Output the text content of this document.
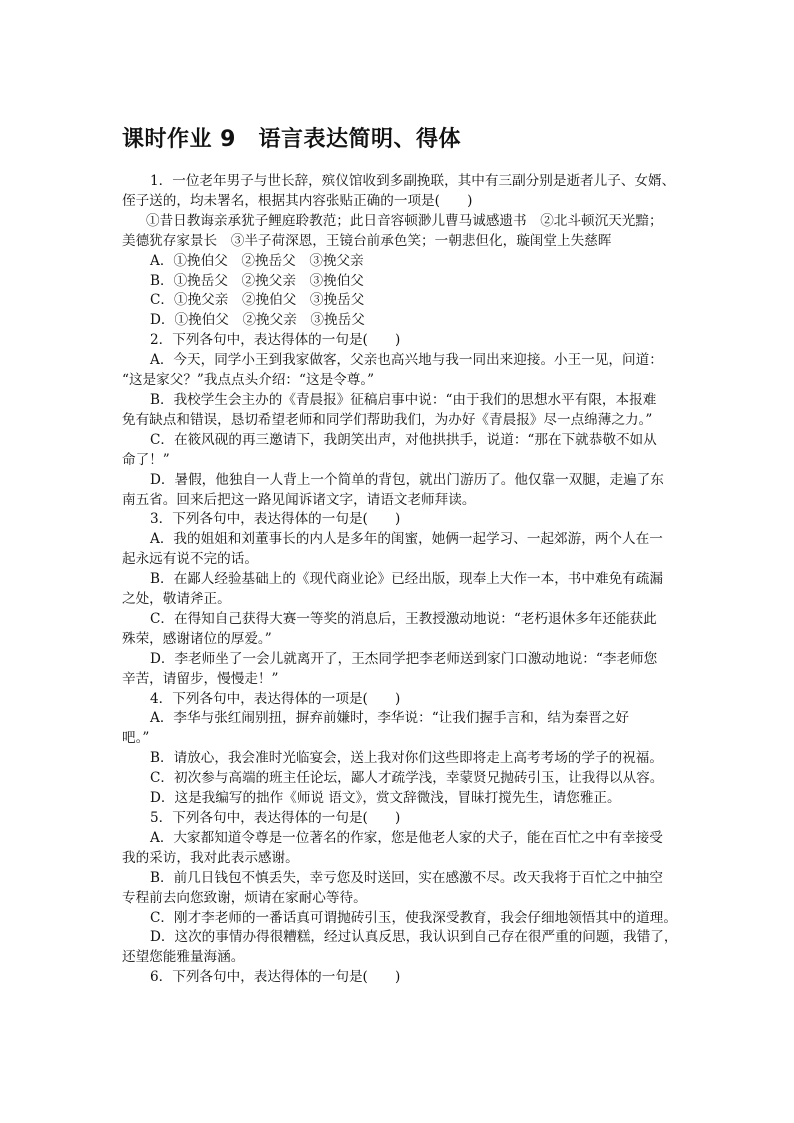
课时作业 9　语言表达简明、得体
1．一位老年男子与世长辞，殡仪馆收到多副挽联，其中有三副分别是逝者儿子、女婿、
侄子送的，均未署名，根据其内容张贴正确的一项是(　　)
①昔日教诲亲承犹子鲤庭聆教范；此日音容顿渺儿曹马诚感遗书　②北斗顿沉天光黯；
美德犹存家景长　③半子荷深恩，王镜台前承色笑；一朝悲但化，璇闺堂上失慈晖
A．①挽伯父　②挽岳父　③挽父亲
B．①挽岳父　②挽父亲　③挽伯父
C．①挽父亲　②挽伯父　③挽岳父
D．①挽伯父　②挽父亲　③挽岳父
2．下列各句中，表达得体的一句是(　　)
A．今天，同学小王到我家做客，父亲也高兴地与我一同出来迎接。小王一见，问道：
“这是家父？”我点点头介绍：“这是令尊。”
B．我校学生会主办的《青晨报》征稿启事中说：“由于我们的思想水平有限，本报难
免有缺点和错误，恳切希望老师和同学们帮助我们，为办好《青晨报》尽一点绵薄之力。”
C．在筱风砚的再三邀请下，我朗笑出声，对他拱拱手，说道：“那在下就恭敬不如从
命了！”
D．暑假，他独自一人背上一个简单的背包，就出门游历了。他仅靠一双腿，走遍了东
南五省。回来后把这一路见闻诉诸文字，请语文老师拜读。
3．下列各句中，表达得体的一句是(　　)
A．我的姐姐和刘董事长的内人是多年的闺蜜，她俩一起学习、一起郊游，两个人在一
起永远有说不完的话。
B．在鄙人经验基础上的《现代商业论》已经出版，现奉上大作一本，书中难免有疏漏
之处，敬请斧正。
C．在得知自己获得大赛一等奖的消息后，王教授激动地说：“老朽退休多年还能获此
殊荣，感谢诸位的厚爱。”
D．李老师坐了一会儿就离开了，王杰同学把李老师送到家门口激动地说：“李老师您
辛苦，请留步，慢慢走！”
4．下列各句中，表达得体的一项是(　　)
A．李华与张红闹别扭，摒弃前嫌时，李华说：“让我们握手言和，结为秦晋之好
吧。”
B．请放心，我会准时光临宴会，送上我对你们这些即将走上高考考场的学子的祝福。
C．初次参与高端的班主任论坛，鄙人才疏学浅，幸蒙贤兄抛砖引玉，让我得以从容。
D．这是我编写的拙作《师说 语文》，赏文辞微浅，冒昧打搅先生，请您雅正。
5．下列各句中，表达得体的一句是(　　)
A．大家都知道令尊是一位著名的作家，您是他老人家的犬子，能在百忙之中有幸接受
我的采访，我对此表示感谢。
B．前几日钱包不慎丢失，幸亏您及时送回，实在感激不尽。改天我将于百忙之中抽空
专程前去向您致谢，烦请在家耐心等待。
C．刚才李老师的一番话真可谓抛砖引玉，使我深受教育，我会仔细地领悟其中的道理。
D．这次的事情办得很糟糕，经过认真反思，我认识到自己存在很严重的问题，我错了，
还望您能雅量海涵。
6．下列各句中，表达得体的一句是(　　)
